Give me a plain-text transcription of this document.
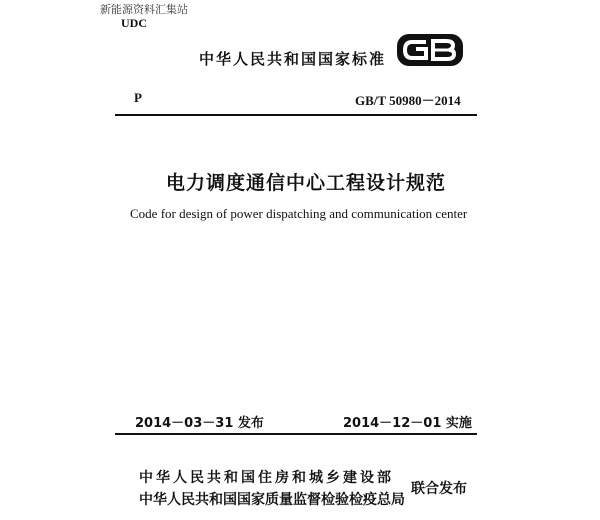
新能源资料汇集站
UDC
中华人民共和国国家标准
P	GB/T 50980－2014
电力调度通信中心工程设计规范
Code for design of power dispatching and communication center
2014－03－31 发布	2014－12－01 实施
中华人民共和国住房和城乡建设部
中华人民共和国国家质量监督检验检疫总局
联合发布
